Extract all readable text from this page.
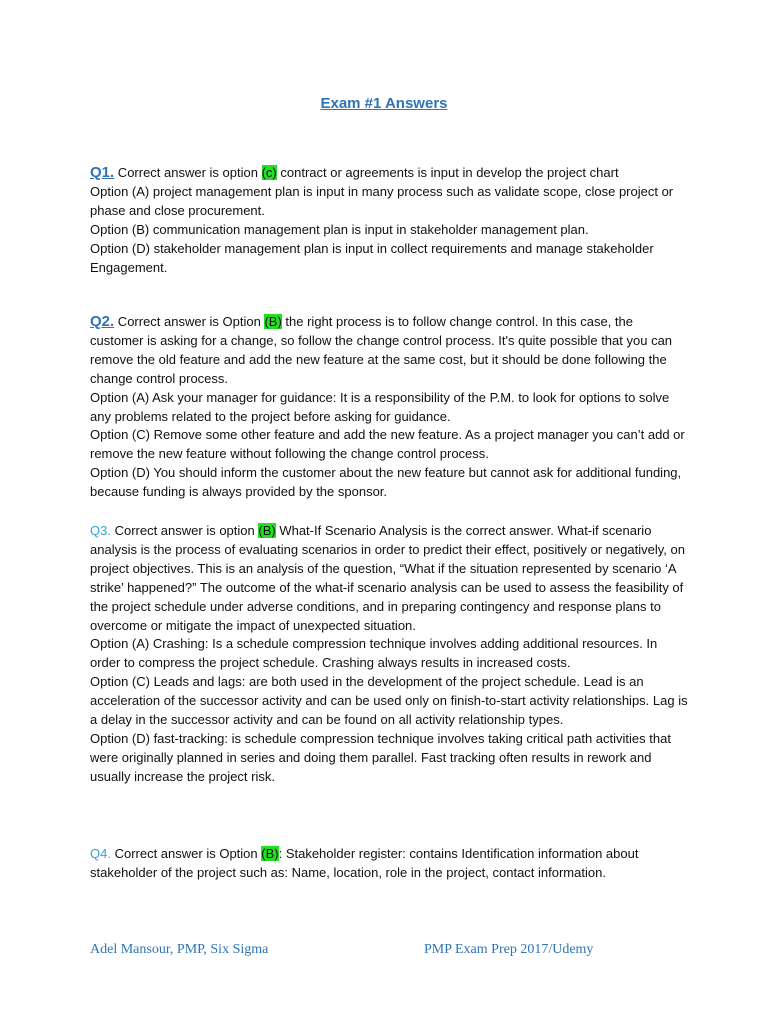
Exam #1 Answers

Q1. Correct answer is option (c) contract or agreements is input in develop the project chart

Option (A) project management plan is input in many process such as validate scope, close project or phase and close procurement.

Option (B) communication management plan is input in stakeholder management plan.

Option (D) stakeholder management plan is input in collect requirements and manage stakeholder Engagement.

Q2. Correct answer is Option (B) the right process is to follow change control. In this case, the customer is asking for a change, so follow the change control process. It's quite possible that you can remove the old feature and add the new feature at the same cost, but it should be done following the change control process.

Option (A) Ask your manager for guidance: It is a responsibility of the P.M. to look for options to solve any problems related to the project before asking for guidance.

Option (C) Remove some other feature and add the new feature. As a project manager you can’t add or remove the new feature without following the change control process.

Option (D) You should inform the customer about the new feature but cannot ask for additional funding, because funding is always provided by the sponsor.

Q3. Correct answer is option (B) What-If Scenario Analysis is the correct answer. What-if scenario analysis is the process of evaluating scenarios in order to predict their effect, positively or negatively, on project objectives. This is an analysis of the question, “What if the situation represented by scenario ‘A strike’ happened?” The outcome of the what-if scenario analysis can be used to assess the feasibility of the project schedule under adverse conditions, and in preparing contingency and response plans to overcome or mitigate the impact of unexpected situation.

Option (A) Crashing: Is a schedule compression technique involves adding additional resources. In order to compress the project schedule. Crashing always results in increased costs.

Option (C) Leads and lags: are both used in the development of the project schedule. Lead is an acceleration of the successor activity and can be used only on finish-to-start activity relationships. Lag is a delay in the successor activity and can be found on all activity relationship types.

Option (D) fast-tracking: is schedule compression technique involves taking critical path activities that were originally planned in series and doing them parallel. Fast tracking often results in rework and usually increase the project risk.

Q4. Correct answer is Option (B): Stakeholder register: contains Identification information about stakeholder of the project such as: Name, location, role in the project, contact information.

Adel Mansour, PMP, Six Sigma	PMP Exam Prep 2017/Udemy
